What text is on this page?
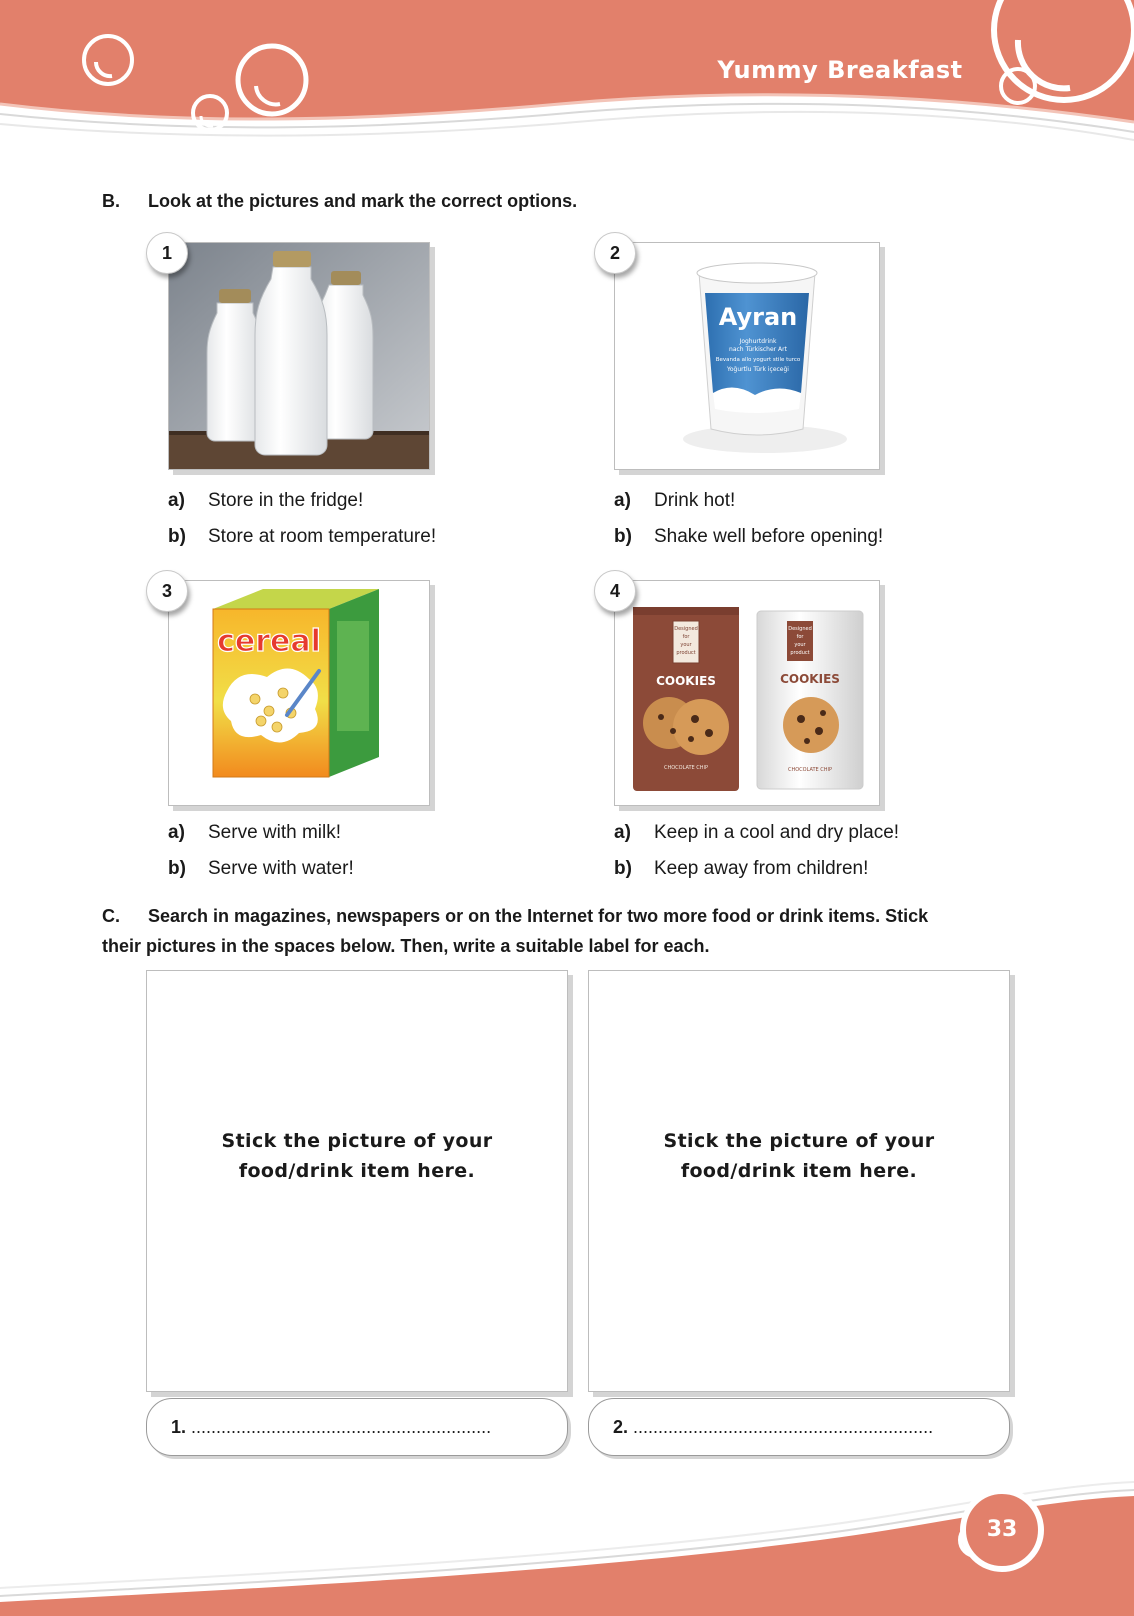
Yummy Breakfast
B. Look at the pictures and mark the correct options.
1
a) Store in the fridge!
b) Store at room temperature!
Ayran
Joghurtdrink
nach Türkischer Art
Bevanda allo yogurt stile turco
Yoğurtlu Türk içeceği
2
a) Drink hot!
b) Shake well before opening!
cereal
3
a) Serve with milk!
b) Serve with water!
Designed
for
your
product
COOKIES
CHOCOLATE CHIP
Designed
for
your
product
COOKIES
CHOCOLATE CHIP
4
a) Keep in a cool and dry place!
b) Keep away from children!
C. Search in magazines, newspapers or on the Internet for two more food or drink items. Stick
their pictures in the spaces below. Then, write a suitable label for each.
Stick the picture of your
food/drink item here.
Stick the picture of your
food/drink item here.
1. ............................................................	2. ............................................................
33
